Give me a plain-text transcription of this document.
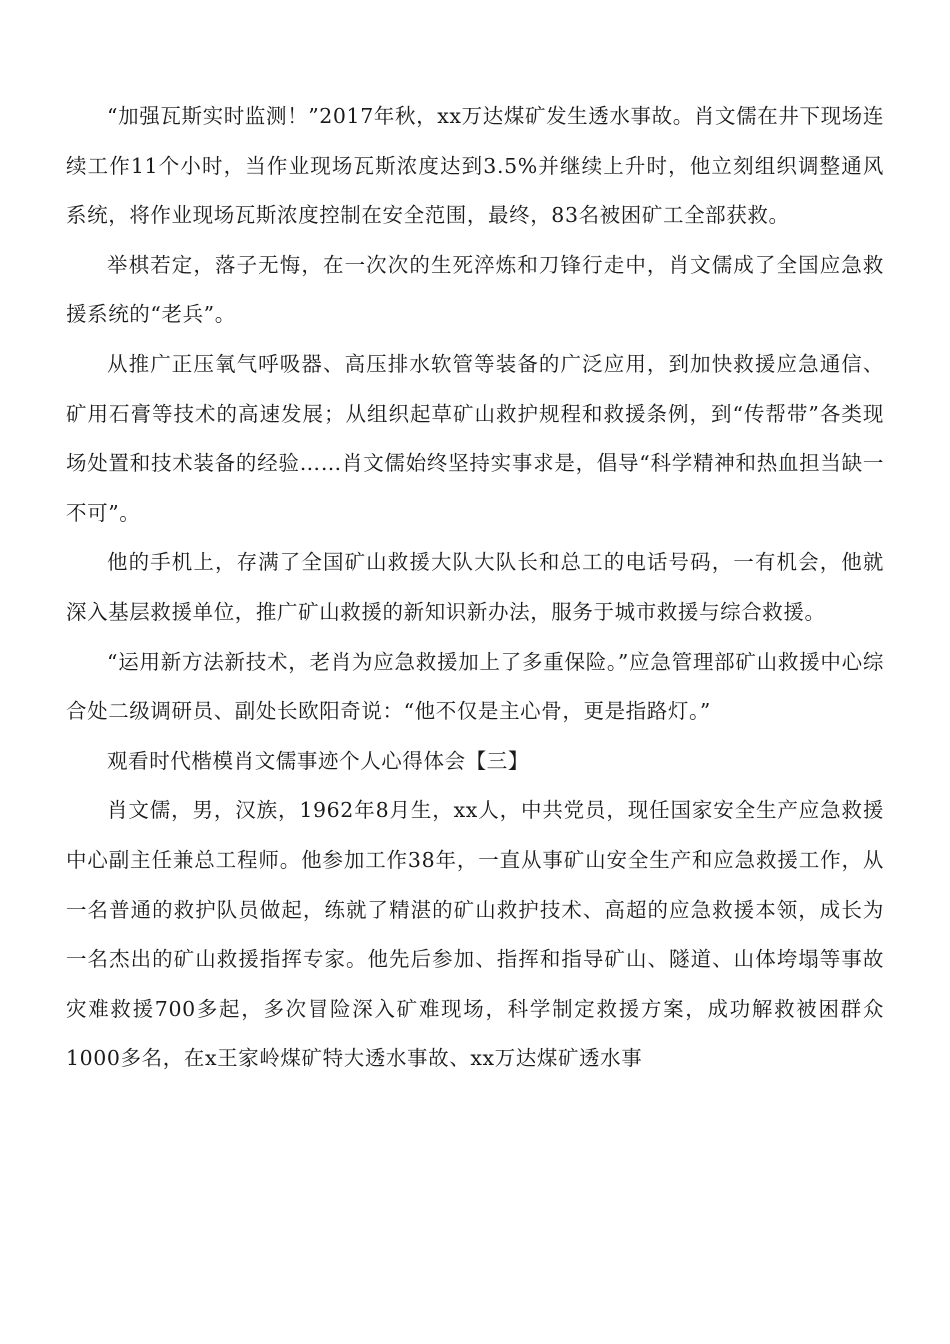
“加强瓦斯实时监测！”2017年秋，xx万达煤矿发生透水事故。肖文儒在井下现场连续工作11个小时，当作业现场瓦斯浓度达到3.5%并继续上升时，他立刻组织调整通风系统，将作业现场瓦斯浓度控制在安全范围，最终，83名被困矿工全部获救。

举棋若定，落子无悔，在一次次的生死淬炼和刀锋行走中，肖文儒成了全国应急救援系统的“老兵”。

从推广正压氧气呼吸器、高压排水软管等装备的广泛应用，到加快救援应急通信、矿用石膏等技术的高速发展；从组织起草矿山救护规程和救援条例，到“传帮带”各类现场处置和技术装备的经验……肖文儒始终坚持实事求是，倡导“科学精神和热血担当缺一不可”。

他的手机上，存满了全国矿山救援大队大队长和总工的电话号码，一有机会，他就深入基层救援单位，推广矿山救援的新知识新办法，服务于城市救援与综合救援。

“运用新方法新技术，老肖为应急救援加上了多重保险。”应急管理部矿山救援中心综合处二级调研员、副处长欧阳奇说：“他不仅是主心骨，更是指路灯。”

观看时代楷模肖文儒事迹个人心得体会【三】

肖文儒，男，汉族，1962年8月生，xx人，中共党员，现任国家安全生产应急救援中心副主任兼总工程师。他参加工作38年，一直从事矿山安全生产和应急救援工作，从一名普通的救护队员做起，练就了精湛的矿山救护技术、高超的应急救援本领，成长为一名杰出的矿山救援指挥专家。他先后参加、指挥和指导矿山、隧道、山体垮塌等事故灾难救援700多起，多次冒险深入矿难现场，科学制定救援方案，成功解救被困群众1000多名，在x王家岭煤矿特大透水事故、xx万达煤矿透水事
